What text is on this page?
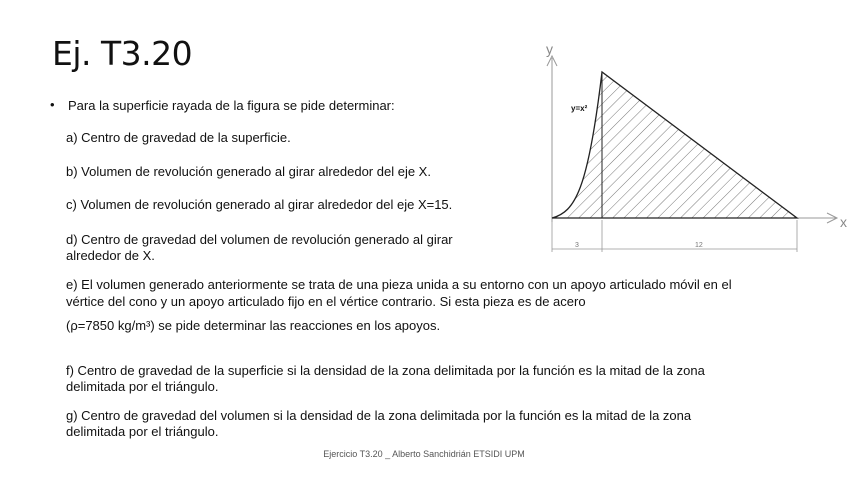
Ej. T3.20
• Para la superficie rayada de la figura se pide determinar:
a) Centro de gravedad de la superficie.
b) Volumen de revolución generado al girar alrededor del eje X.
c) Volumen de revolución generado al girar alrededor del eje X=15.
d) Centro de gravedad del volumen de revolución generado al girar
alrededor de X.
e) El volumen generado anteriormente se trata de una pieza unida a su entorno con un apoyo articulado móvil en el
vértice del cono y un apoyo articulado fijo en el vértice contrario. Si esta pieza es de acero
(ρ=7850 kg/m³) se pide determinar las reacciones en los apoyos.
f) Centro de gravedad de la superficie si la densidad de la zona delimitada por la función es la mitad de la zona
delimitada por el triángulo.
g) Centro de gravedad del volumen si la densidad de la zona delimitada por la función es la mitad de la zona
delimitada por el triángulo.
y
x
y=x²
3	12
Ejercicio T3.20 _ Alberto Sanchidrián ETSIDI UPM
